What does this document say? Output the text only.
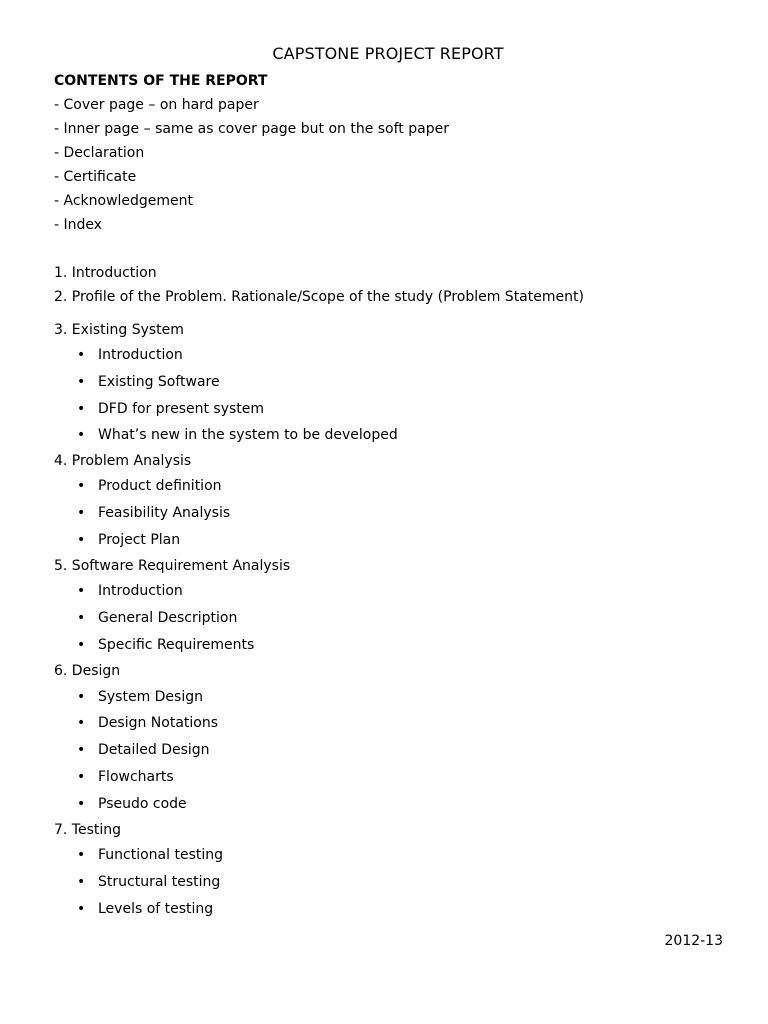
CAPSTONE PROJECT REPORT
CONTENTS OF THE REPORT
- Cover page – on hard paper
- Inner page – same as cover page but on the soft paper
- Declaration
- Certificate
- Acknowledgement
- Index
1. Introduction
2. Profile of the Problem. Rationale/Scope of the study (Problem Statement)
3. Existing System
• Introduction
• Existing Software
• DFD for present system
• What’s new in the system to be developed
4. Problem Analysis
• Product definition
• Feasibility Analysis
• Project Plan
5. Software Requirement Analysis
• Introduction
• General Description
• Specific Requirements
6. Design
• System Design
• Design Notations
• Detailed Design
• Flowcharts
• Pseudo code
7. Testing
• Functional testing
• Structural testing
• Levels of testing
2012-13
